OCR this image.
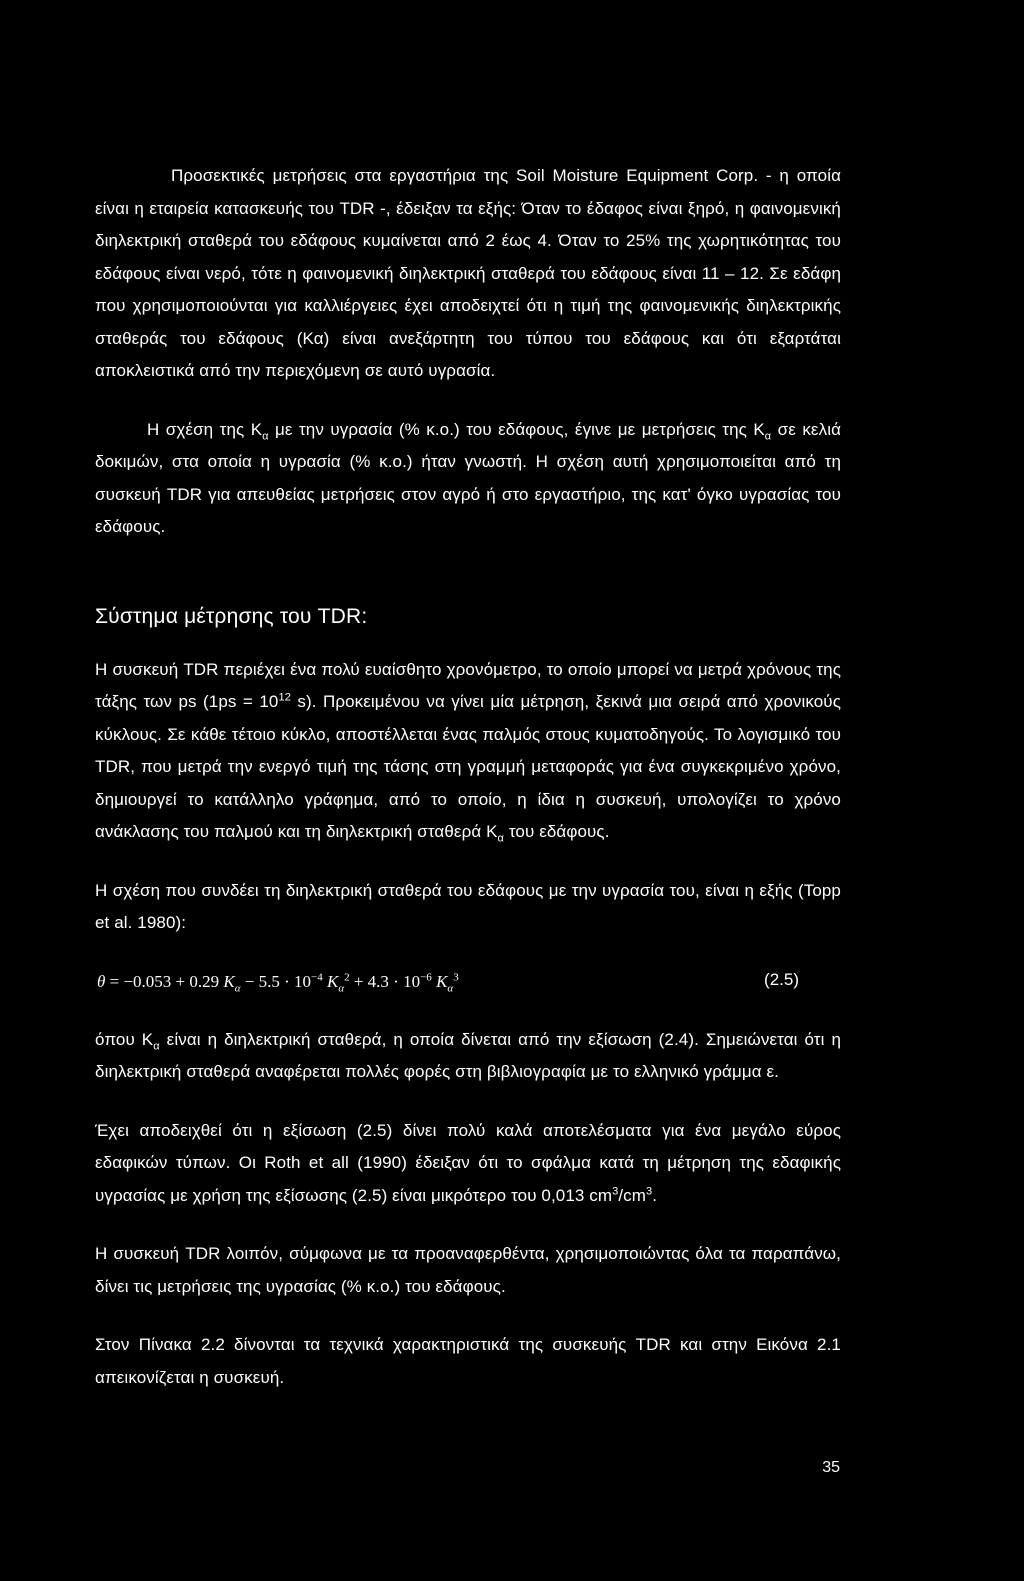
Προσεκτικές μετρήσεις στα εργαστήρια της Soil Moisture Equipment Corp. - η οποία είναι η εταιρεία κατασκευής του TDR -, έδειξαν τα εξής: Όταν το έδαφος είναι ξηρό, η φαινομενική διηλεκτρική σταθερά του εδάφους κυμαίνεται από 2 έως 4. Όταν το 25% της χωρητικότητας του εδάφους είναι νερό, τότε η φαινομενική διηλεκτρική σταθερά του εδάφους είναι 11 – 12. Σε εδάφη που χρησιμοποιούνται για καλλιέργειες έχει αποδειχτεί ότι η τιμή της φαινομενικής διηλεκτρικής σταθεράς του εδάφους (Κα) είναι ανεξάρτητη του τύπου του εδάφους και ότι εξαρτάται αποκλειστικά από την περιεχόμενη σε αυτό υγρασία.

Η σχέση της $K_\alpha$ με την υγρασία (% κ.ο.) του εδάφους, έγινε με μετρήσεις της $K_\alpha$ σε κελιά δοκιμών, στα οποία η υγρασία (% κ.ο.) ήταν γνωστή. Η σχέση αυτή χρησιμοποιείται από τη συσκευή TDR για απευθείας μετρήσεις στον αγρό ή στο εργαστήριο, της κατ' όγκο υγρασίας του εδάφους.

Σύστημα μέτρησης του TDR:

Η συσκευή TDR περιέχει ένα πολύ ευαίσθητο χρονόμετρο, το οποίο μπορεί να μετρά χρόνους της τάξης των ps ($1ps = 10^{12}$ s). Προκειμένου να γίνει μία μέτρηση, ξεκινά μια σειρά από χρονικούς κύκλους. Σε κάθε τέτοιο κύκλο, αποστέλλεται ένας παλμός στους κυματοδηγούς. Το λογισμικό του TDR, που μετρά την ενεργό τιμή της τάσης στη γραμμή μεταφοράς για ένα συγκεκριμένο χρόνο, δημιουργεί το κατάλληλο γράφημα, από το οποίο, η ίδια η συσκευή, υπολογίζει το χρόνο ανάκλασης του παλμού και τη διηλεκτρική σταθερά $K_\alpha$ του εδάφους.

Η σχέση που συνδέει τη διηλεκτρική σταθερά του εδάφους με την υγρασία του, είναι η εξής (Topp et al. 1980):

θ = −0.053 + 0.29 $K_\alpha - 5.5 \cdot 10^{-4}$ $K_\alpha^2 + 4.3 \cdot 10^{-6}$ $K_\alpha^3$	(2.5)

όπου $K_\alpha$ είναι η διηλεκτρική σταθερά, η οποία δίνεται από την εξίσωση (2.4). Σημειώνεται ότι η διηλεκτρική σταθερά αναφέρεται πολλές φορές στη βιβλιογραφία με το ελληνικό γράμμα ε.

Έχει αποδειχθεί ότι η εξίσωση (2.5) δίνει πολύ καλά αποτελέσματα για ένα μεγάλο εύρος εδαφικών τύπων. Οι Roth et all (1990) έδειξαν ότι το σφάλμα κατά τη μέτρηση της εδαφικής υγρασίας με χρήση της εξίσωσης (2.5) είναι μικρότερο του 0,013 $cm^3/cm^3$.

Η συσκευή TDR λοιπόν, σύμφωνα με τα προαναφερθέντα, χρησιμοποιώντας όλα τα παραπάνω, δίνει τις μετρήσεις της υγρασίας (% κ.ο.) του εδάφους.

Στον Πίνακα 2.2 δίνονται τα τεχνικά χαρακτηριστικά της συσκευής TDR και στην Εικόνα 2.1 απεικονίζεται η συσκευή.

35
